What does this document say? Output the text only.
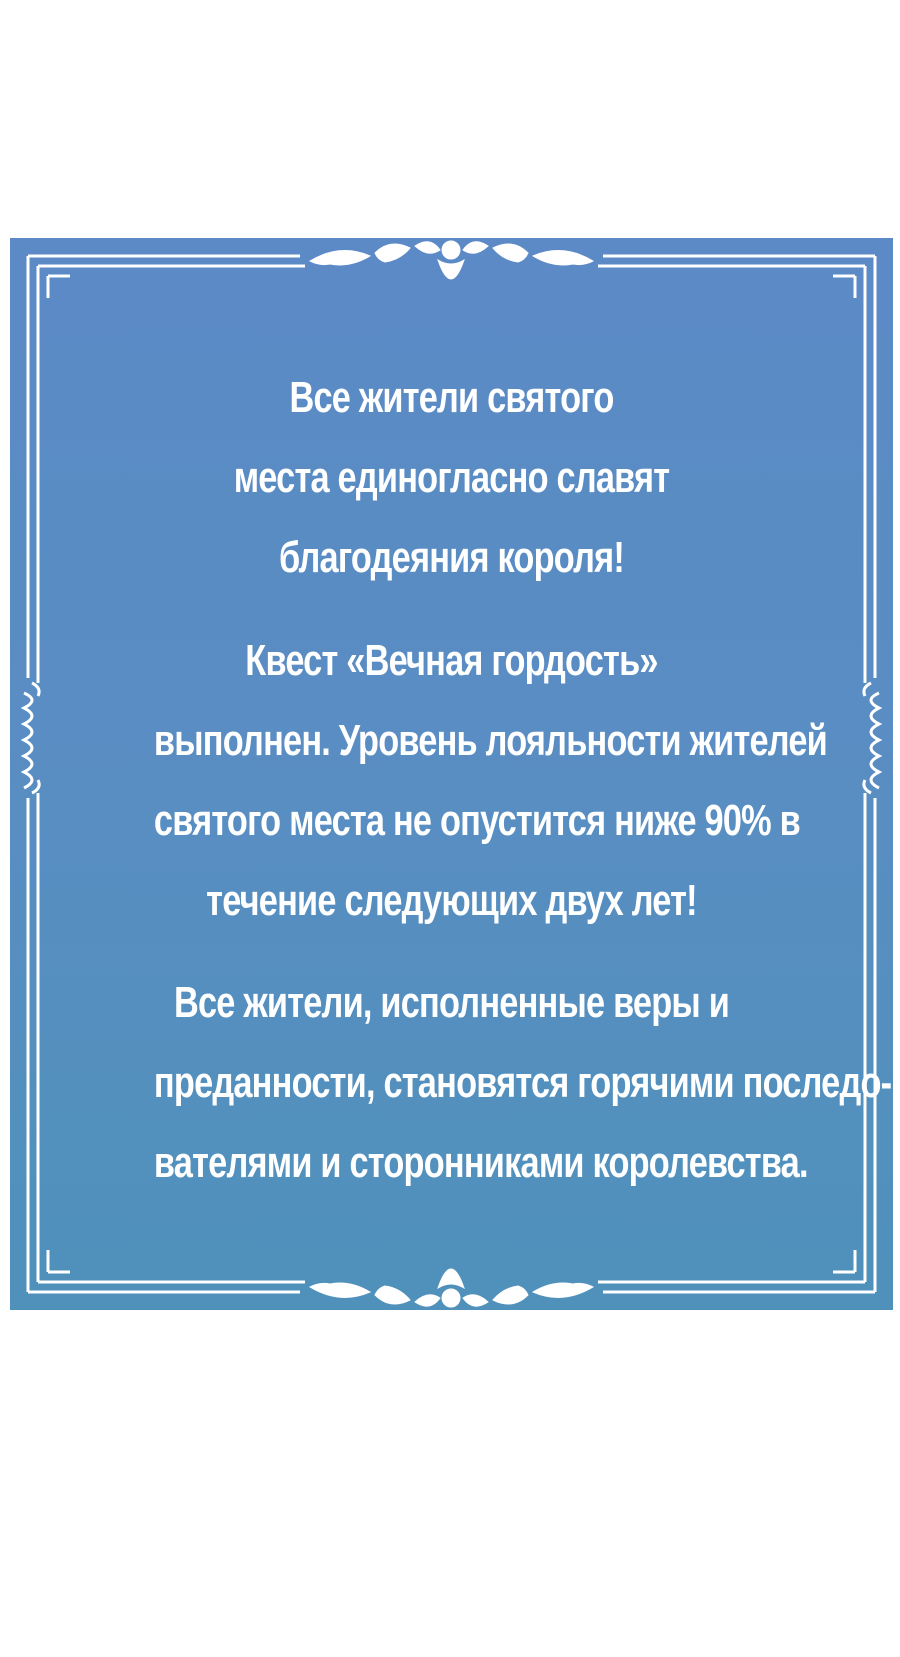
Все жители святого
места единогласно славят
благодеяния короля!
Квест «Вечная гордость»
выполнен. Уровень лояльности жителей
святого места не опустится ниже 90% в
течение следующих двух лет!
Все жители, исполненные веры и
преданности, становятся горячими последо-
вателями и сторонниками королевства.
